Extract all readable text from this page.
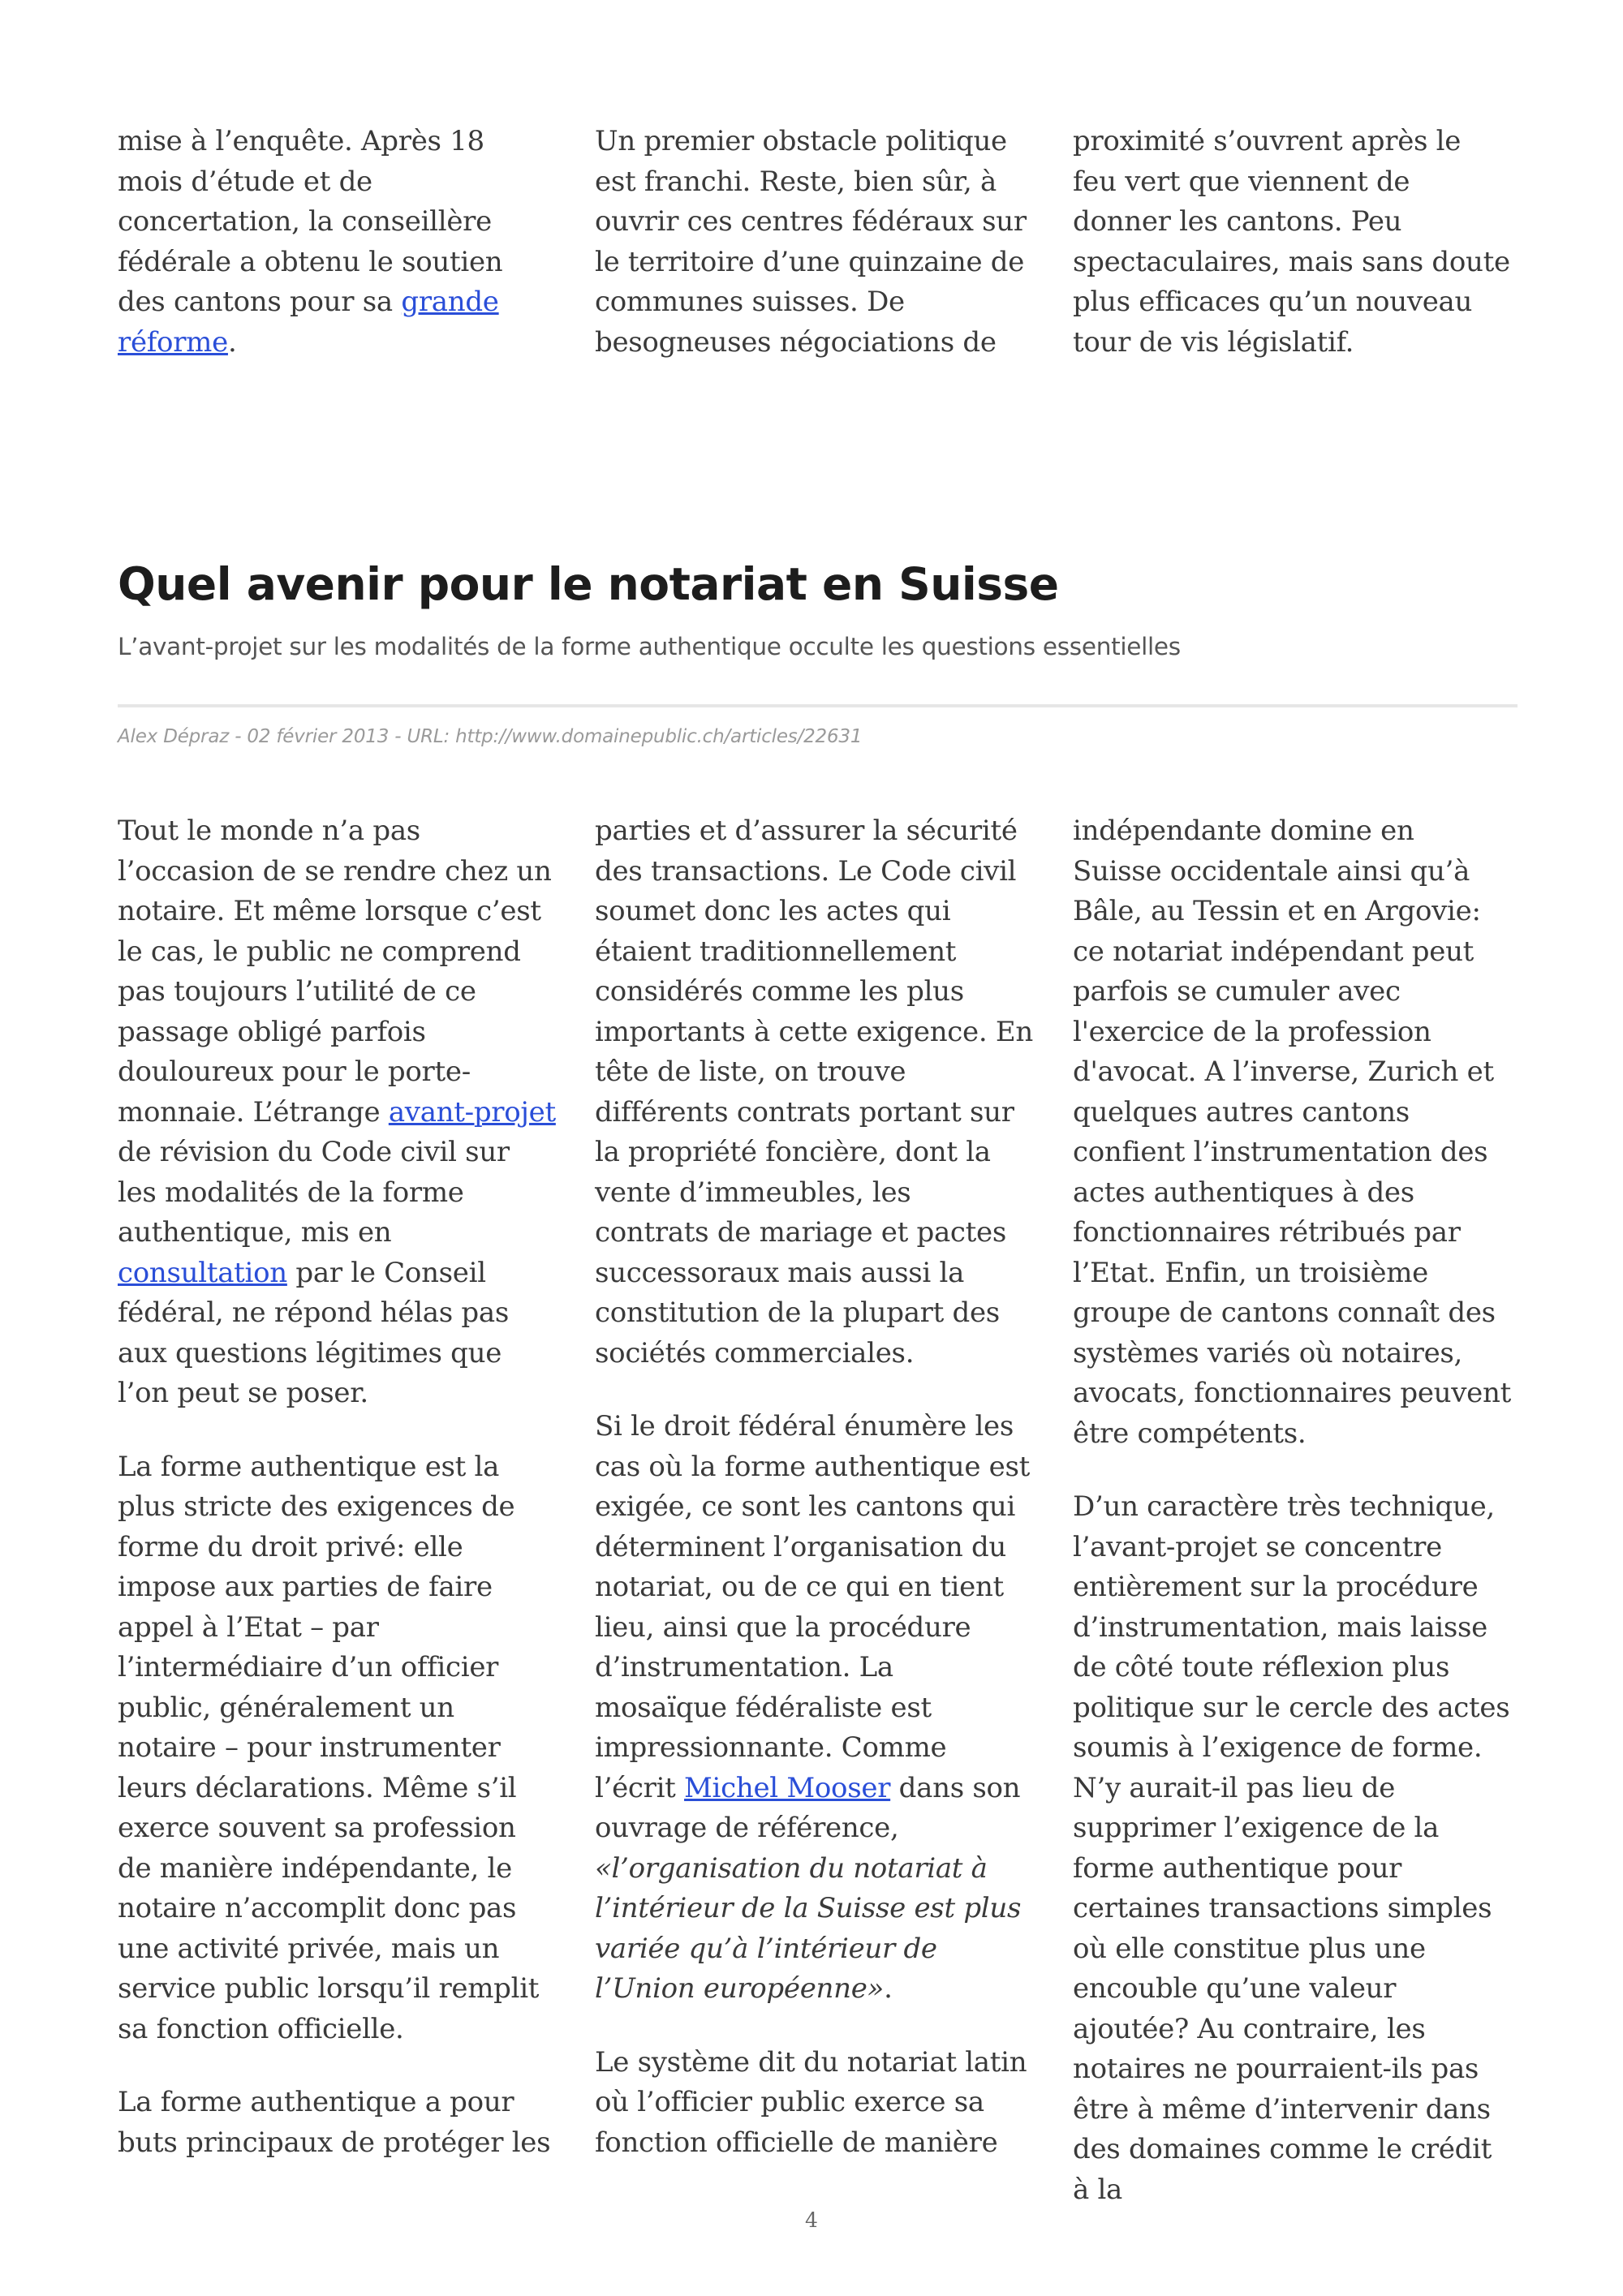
mise à l’enquête. Après 18 mois d’étude et de concertation, la conseillère fédérale a obtenu le soutien des cantons pour sa grande réforme.

Un premier obstacle politique est franchi. Reste, bien sûr, à ouvrir ces centres fédéraux sur le territoire d’une quinzaine de communes suisses. De besogneuses négociations de

proximité s’ouvrent après le feu vert que viennent de donner les cantons. Peu spectaculaires, mais sans doute plus efficaces qu’un nouveau tour de vis législatif.

Quel avenir pour le notariat en Suisse

L’avant-projet sur les modalités de la forme authentique occulte les questions essentielles

Alex Dépraz - 02 février 2013 - URL: http://www.domainepublic.ch/articles/22631

Tout le monde n’a pas l’occasion de se rendre chez un notaire. Et même lorsque c’est le cas, le public ne comprend pas toujours l’utilité de ce passage obligé parfois douloureux pour le porte-monnaie. L’étrange avant-projet de révision du Code civil sur les modalités de la forme authentique, mis en consultation par le Conseil fédéral, ne répond hélas pas aux questions légitimes que l’on peut se poser.

La forme authentique est la plus stricte des exigences de forme du droit privé: elle impose aux parties de faire appel à l’Etat – par l’intermédiaire d’un officier public, généralement un notaire – pour instrumenter leurs déclarations. Même s’il exerce souvent sa profession de manière indépendante, le notaire n’accomplit donc pas une activité privée, mais un service public lorsqu’il remplit sa fonction officielle.

La forme authentique a pour buts principaux de protéger les

parties et d’assurer la sécurité des transactions. Le Code civil soumet donc les actes qui étaient traditionnellement considérés comme les plus importants à cette exigence. En tête de liste, on trouve différents contrats portant sur la propriété foncière, dont la vente d’immeubles, les contrats de mariage et pactes successoraux mais aussi la constitution de la plupart des sociétés commerciales.

Si le droit fédéral énumère les cas où la forme authentique est exigée, ce sont les cantons qui déterminent l’organisation du notariat, ou de ce qui en tient lieu, ainsi que la procédure d’instrumentation. La mosaïque fédéraliste est impressionnante. Comme l’écrit Michel Mooser dans son ouvrage de référence, «l’organisation du notariat à l’intérieur de la Suisse est plus variée qu’à l’intérieur de l’Union européenne».

Le système dit du notariat latin où l’officier public exerce sa fonction officielle de manière

indépendante domine en Suisse occidentale ainsi qu’à Bâle, au Tessin et en Argovie: ce notariat indépendant peut parfois se cumuler avec l'exercice de la profession d'avocat. A l’inverse, Zurich et quelques autres cantons confient l’instrumentation des actes authentiques à des fonctionnaires rétribués par l’Etat. Enfin, un troisième groupe de cantons connaît des systèmes variés où notaires, avocats, fonctionnaires peuvent être compétents.

D’un caractère très technique, l’avant-projet se concentre entièrement sur la procédure d’instrumentation, mais laisse de côté toute réflexion plus politique sur le cercle des actes soumis à l’exigence de forme. N’y aurait-il pas lieu de supprimer l’exigence de la forme authentique pour certaines transactions simples où elle constitue plus une encouble qu’une valeur ajoutée? Au contraire, les notaires ne pourraient-ils pas être à même d’intervenir dans des domaines comme le crédit à la

4
